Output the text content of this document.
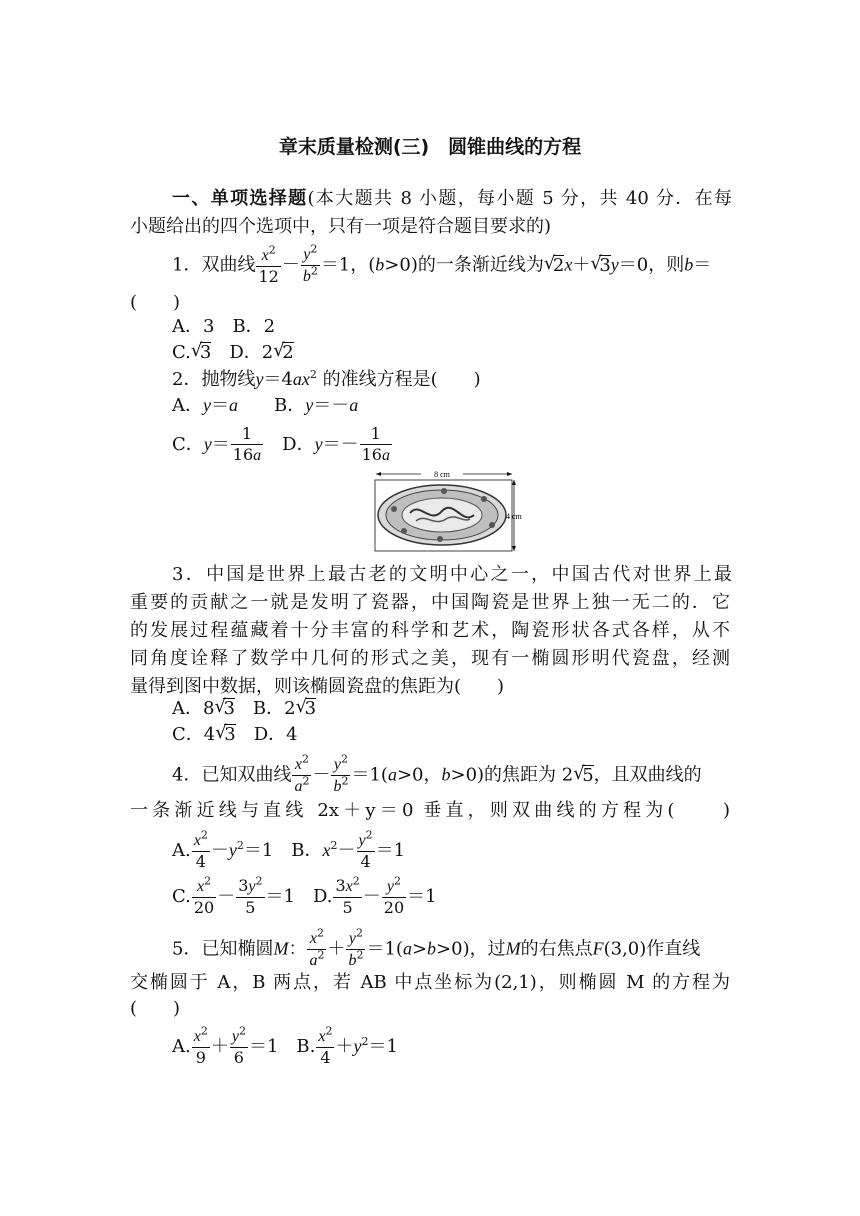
章末质量检测(三)　圆锥曲线的方程
一、单项选择题(本大题共 8 小题，每小题 5 分，共 40 分．在每
小题给出的四个选项中，只有一项是符合题目要求的)
1．双曲线 $\frac{x^2}{12} - \frac{y^2}{b^2} =1$，(b>0)的一条渐近线为 √ 2x＋ √ 3y＝0，则b＝
(　　)
A．3　B．2
C. √ 3　 D．2 √ 2
2．抛物线$y=4ax^2$ 的准线方程是(　　)
A．y＝a　　 B．y＝－a
C．$y= \frac{1}{16a}$
　 D．$y=- \frac{1}{16a}$
8 cm
4 cm
3．中国是世界上最古老的文明中心之一，中国古代对世界上最
重要的贡献之一就是发明了瓷器，中国陶瓷是世界上独一无二的．它
的发展过程蕴藏着十分丰富的科学和艺术，陶瓷形状各式各样，从不
同角度诠释了数学中几何的形式之美，现有一椭圆形明代瓷盘，经测
量得到图中数据，则该椭圆瓷盘的焦距为(　　)
A．8 √ 3　 B．2 √ 3
C．4 √ 3　 D．4
4．已知双曲线 $\frac{x^2}{a^2} - \frac{y^2}{b^2} =1(a>0$，b>0)的焦距为 2 √ 5，且双曲线的
一条渐近线与直线 2x＋y＝0 垂直，则双曲线的方程为(　　)
A. $\frac{x^2}{4} -y^2=1$　B．$x^2- \frac{y^2}{4} =1$
C. $\frac{x^2}{20} - \frac{3y^2}{5} =1$　D. $\frac{3x^2}{5} - \frac{y^2}{20} =1$
5．已知椭圆M： $\frac{x^2}{a^2} + \frac{y^2}{b^2} =1(a>b>0)$，过M的右焦点F(3,0)作直线
交椭圆于 A，B 两点，若 AB 中点坐标为(2,1)，则椭圆 M 的方程为
(　　)
A. $\frac{x^2}{9} + \frac{y^2}{6} =1$　B. $\frac{x^2}{4} +y^2=1$
